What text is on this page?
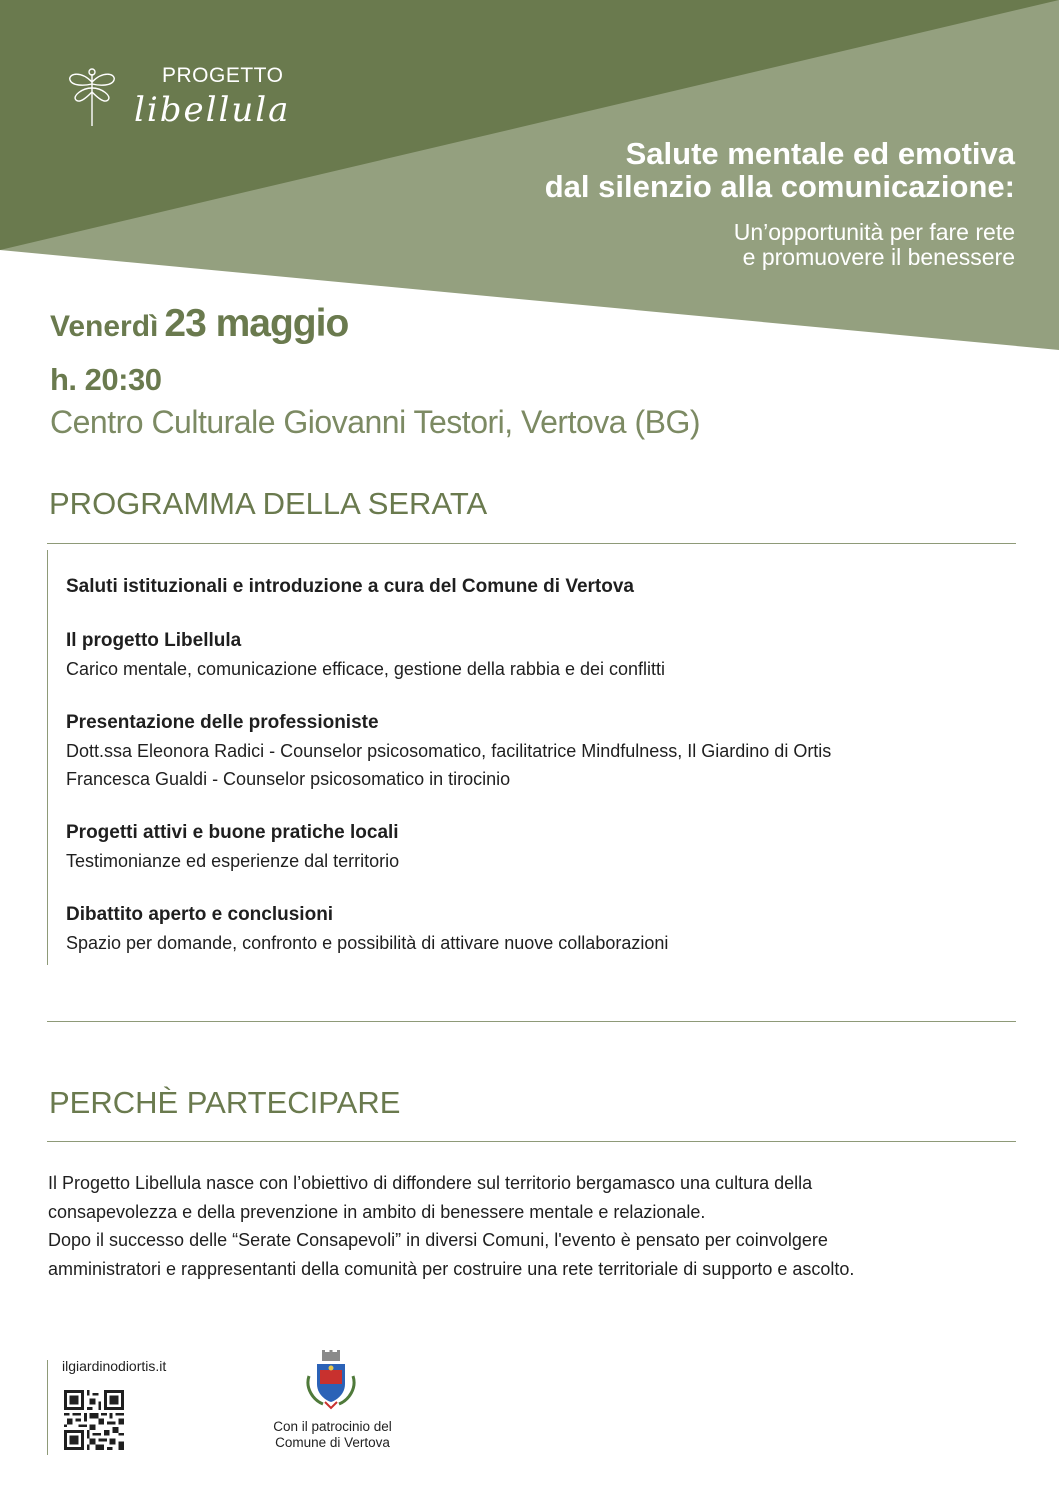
PROGETTO
libellula
Salute mentale ed emotiva
dal silenzio alla comunicazione:
Un’opportunità per fare rete
e promuovere il benessere
Venerdì 23 maggio
h. 20:30
Centro Culturale Giovanni Testori, Vertova (BG)
PROGRAMMA DELLA SERATA
Saluti istituzionali e introduzione a cura del Comune di Vertova
Il progetto Libellula
Carico mentale, comunicazione efficace, gestione della rabbia e dei conflitti
Presentazione delle professioniste
Dott.ssa Eleonora Radici - Counselor psicosomatico, facilitatrice Mindfulness, Il Giardino di Ortis
Francesca Gualdi - Counselor psicosomatico in tirocinio
Progetti attivi e buone pratiche locali
Testimonianze ed esperienze dal territorio
Dibattito aperto e conclusioni
Spazio per domande, confronto e possibilità di attivare nuove collaborazioni
PERCHÈ PARTECIPARE
Il Progetto Libellula nasce con l’obiettivo di diffondere sul territorio bergamasco una cultura della
consapevolezza e della prevenzione in ambito di benessere mentale e relazionale.
Dopo il successo delle “Serate Consapevoli” in diversi Comuni, l'evento è pensato per coinvolgere
amministratori e rappresentanti della comunità per costruire una rete territoriale di supporto e ascolto.
ilgiardinodiortis.it
Con il patrocinio del
Comune di Vertova
